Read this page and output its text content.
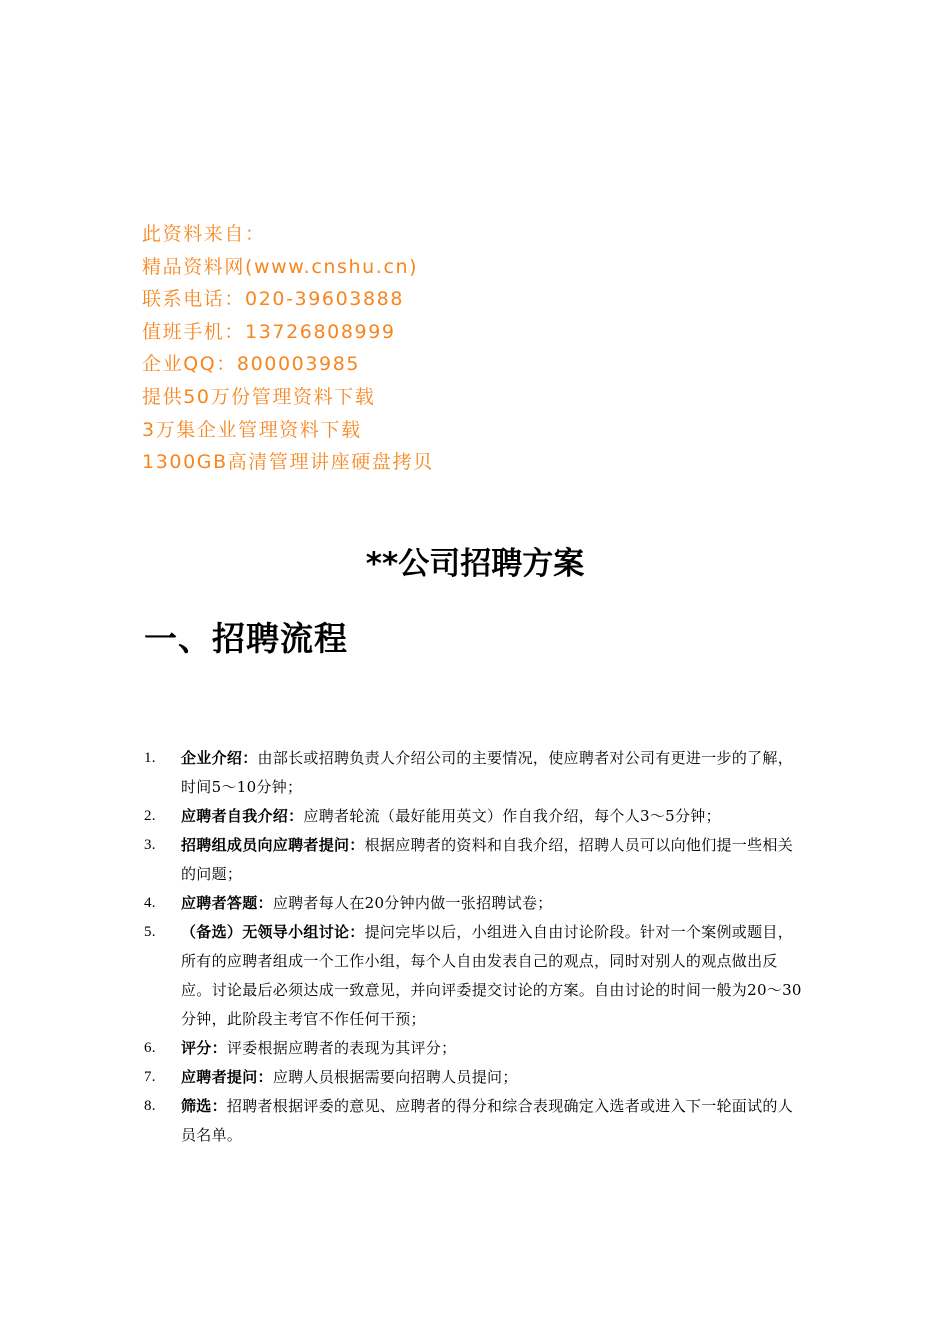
此资料来自：
精品资料网(www.cnshu.cn)
联系电话：020-39603888
值班手机：13726808999
企业QQ：800003985
提供50万份管理资料下载
3万集企业管理资料下载
1300GB高清管理讲座硬盘拷贝
**公司招聘方案
一、招聘流程
1. 企业介绍：由部长或招聘负责人介绍公司的主要情况，使应聘者对公司有更进一步的了解，时间5～10分钟；
2. 应聘者自我介绍：应聘者轮流（最好能用英文）作自我介绍，每个人3～5分钟；
3. 招聘组成员向应聘者提问：根据应聘者的资料和自我介绍，招聘人员可以向他们提一些相关的问题；
4. 应聘者答题：应聘者每人在20分钟内做一张招聘试卷；
5. （备选）无领导小组讨论：提问完毕以后，小组进入自由讨论阶段。针对一个案例或题目，所有的应聘者组成一个工作小组，每个人自由发表自己的观点，同时对别人的观点做出反应。讨论最后必须达成一致意见，并向评委提交讨论的方案。自由讨论的时间一般为20～30分钟，此阶段主考官不作任何干预；
6. 评分：评委根据应聘者的表现为其评分；
7. 应聘者提问：应聘人员根据需要向招聘人员提问；
8. 筛选：招聘者根据评委的意见、应聘者的得分和综合表现确定入选者或进入下一轮面试的人员名单。
